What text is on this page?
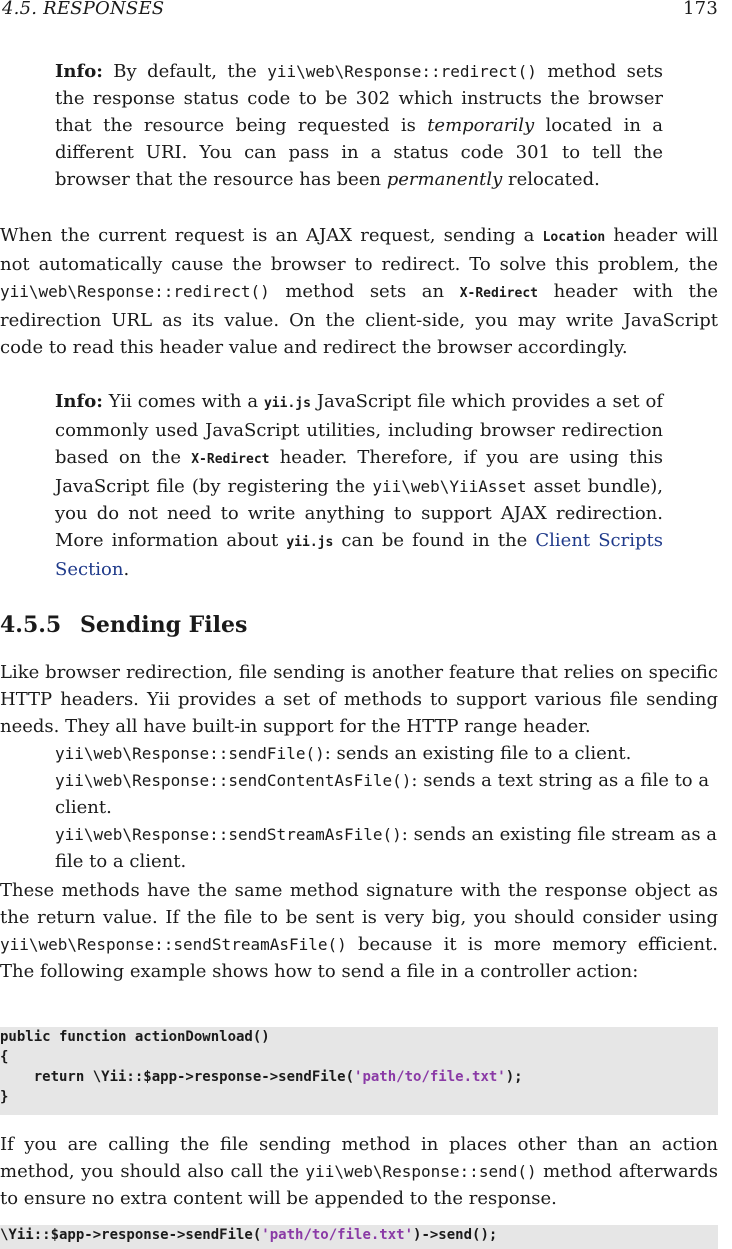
4.5. RESPONSES	173
Info: By default, the yii\web\Response::redirect() method sets the response status code to be 302 which instructs the browser that the resource being requested is temporarily located in a different URI. You can pass in a status code 301 to tell the browser that the resource has been permanently relocated.
When the current request is an AJAX request, sending a Location header will not automatically cause the browser to redirect. To solve this problem, the yii\web\Response::redirect() method sets an X-Redirect header with the redirection URL as its value. On the client-side, you may write JavaScript code to read this header value and redirect the browser accordingly.
Info: Yii comes with a yii.js JavaScript file which provides a set of commonly used JavaScript utilities, including browser redirection based on the X-Redirect header. Therefore, if you are using this JavaScript file (by registering the yii\web\YiiAsset asset bundle), you do not need to write anything to support AJAX redirection. More information about yii.js can be found in the Client Scripts Section.
4.5.5 Sending Files
Like browser redirection, file sending is another feature that relies on specific HTTP headers. Yii provides a set of methods to support various file sending needs. They all have built-in support for the HTTP range header.
yii\web\Response::sendFile(): sends an existing file to a client.
yii\web\Response::sendContentAsFile(): sends a text string as a file to a client.
yii\web\Response::sendStreamAsFile(): sends an existing file stream as a file to a client.
These methods have the same method signature with the response object as the return value. If the file to be sent is very big, you should consider using yii\web\Response::sendStreamAsFile() because it is more memory efficient. The following example shows how to send a file in a controller action:
public function actionDownload()
{
return \Yii::$app->response->sendFile('path/to/file.txt');
}
If you are calling the file sending method in places other than an action method, you should also call the yii\web\Response::send() method afterwards to ensure no extra content will be appended to the response.
\Yii::$app->response->sendFile('path/to/file.txt')->send();
